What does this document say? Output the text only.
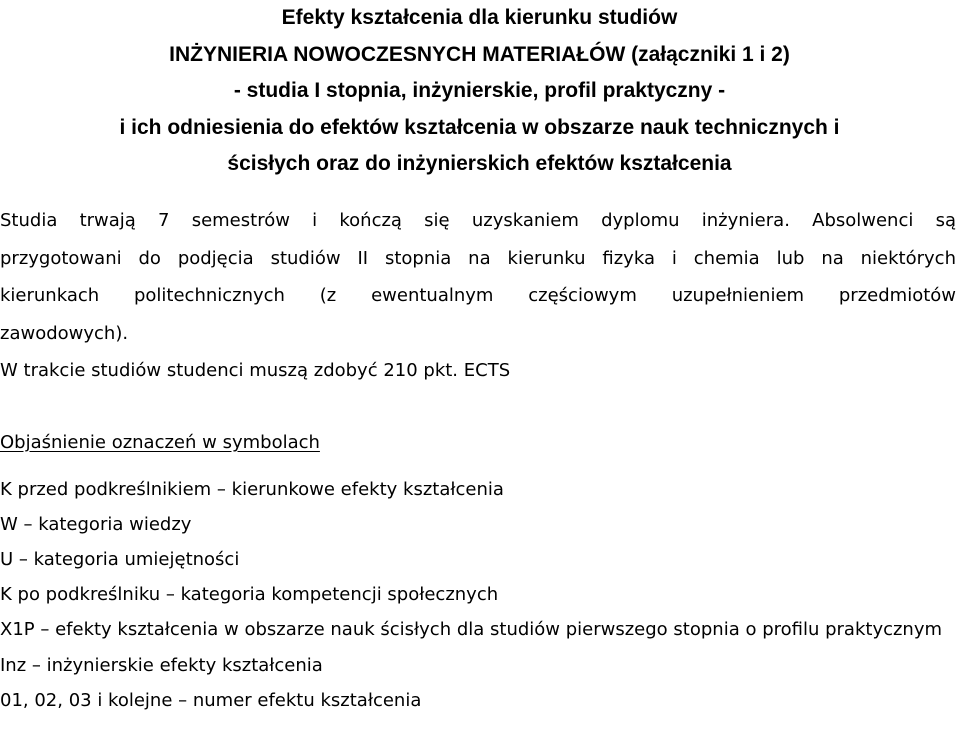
Efekty kształcenia dla kierunku studiów
INŻYNIERIA NOWOCZESNYCH MATERIAŁÓW (załączniki 1 i 2)
- studia I stopnia, inżynierskie, profil praktyczny -
i ich odniesienia do efektów kształcenia w obszarze nauk technicznych i
ścisłych oraz do inżynierskich efektów kształcenia

Studia trwają 7 semestrów i kończą się uzyskaniem dyplomu inżyniera. Absolwenci są
przygotowani do podjęcia studiów II stopnia na kierunku fizyka i chemia lub na niektórych
kierunkach politechnicznych (z ewentualnym częściowym uzupełnieniem przedmiotów
zawodowych).

W trakcie studiów studenci muszą zdobyć 210 pkt. ECTS

Objaśnienie oznaczeń w symbolach

K przed podkreślnikiem – kierunkowe efekty kształcenia
W – kategoria wiedzy
U – kategoria umiejętności
K po podkreślniku – kategoria kompetencji społecznych
X1P – efekty kształcenia w obszarze nauk ścisłych dla studiów pierwszego stopnia o profilu praktycznym
Inz – inżynierskie efekty kształcenia
01, 02, 03 i kolejne – numer efektu kształcenia
